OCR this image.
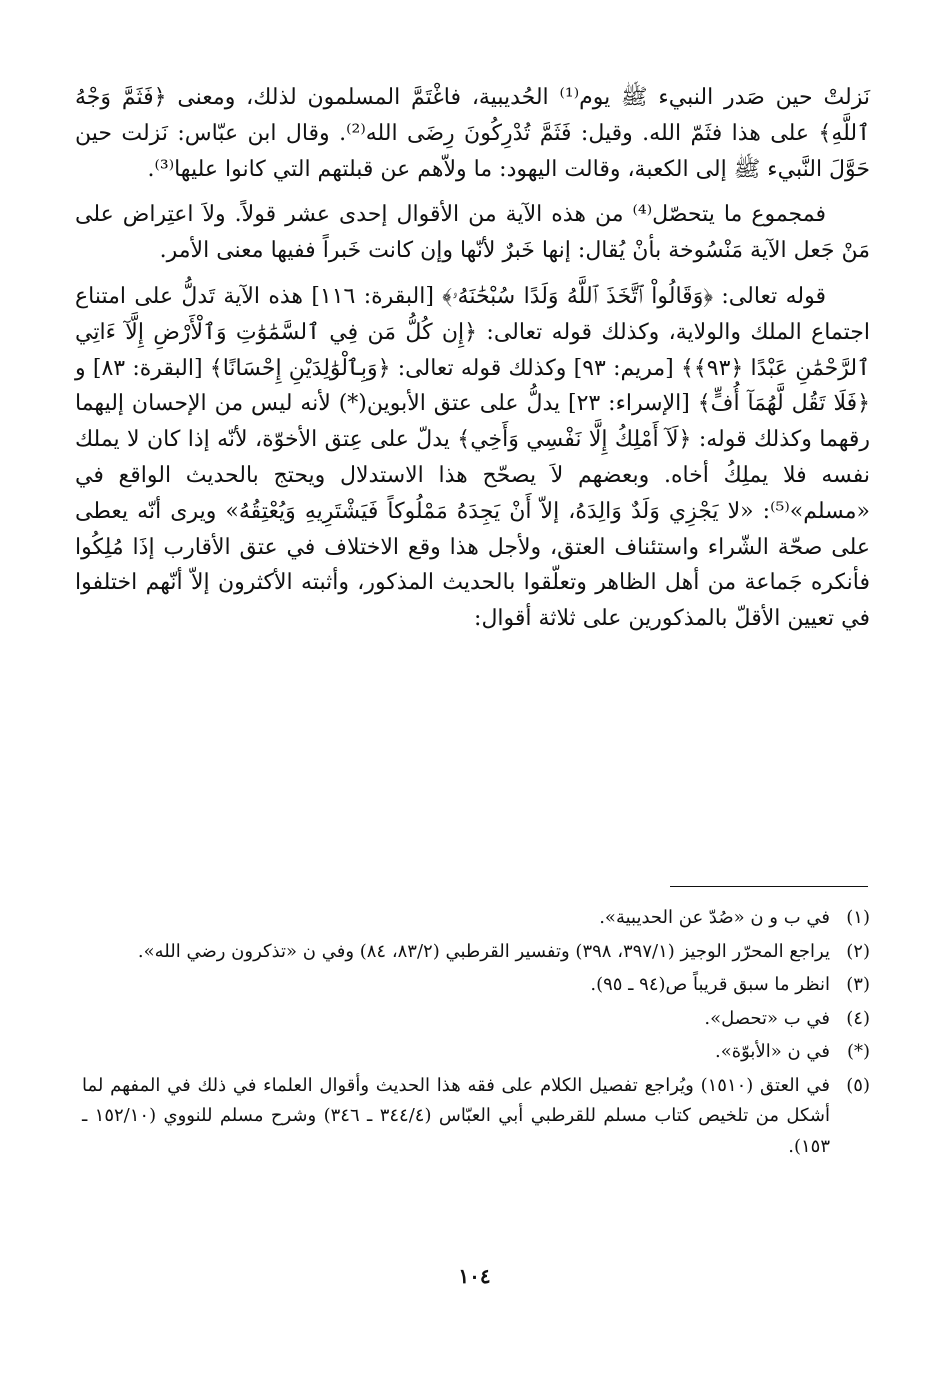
نَزلتْ حين صَدر النبيء ﷺ يوم⁽¹⁾ الحُديبية، فاغْتَمَّ المسلمون لذلك، ومعنى ﴿فَثَمَّ وَجْهُ ٱللَّهِ﴾ على هذا فثَمّ الله. وقيل: فَثَمَّ تُدْرِكُونَ رِضَى الله⁽²⁾. وقال ابن عبّاس: نَزلت حين حَوَّلَ النَّبيء ﷺ إلى الكعبة، وقالت اليهود: ما ولاّهم عن قبلتهم التي كانوا عليها⁽³⁾.

فمجموع ما يتحصّل⁽⁴⁾ من هذه الآية من الأقوال إحدى عشر قولاً. ولاَ اعتِراض على مَنْ جَعل الآية مَنْسُوخة بأنْ يُقال: إنها خَبرٌ لأنّها وإن كانت خَبراً ففيها معنى الأمر.

قوله تعالى: ﴿وَقَالُواْ ٱتَّخَذَ ٱللَّهُ وَلَدًا سُبْحَٰنَهُۥ﴾ [البقرة: ١١٦] هذه الآية تَدلُّ على امتناع اجتماع الملك والولاية، وكذلك قوله تعالى: ﴿إِن كُلُّ مَن فِي ٱلسَّمَٰوَٰتِ وَٱلْأَرْضِ إِلَّآ ءَاتِي ٱلرَّحْمَٰنِ عَبْدًا ﴿٩٣﴾﴾ [مريم: ٩٣] وكذلك قوله تعالى: ﴿وَبِٱلْوَٰلِدَيْنِ إِحْسَانًا﴾ [البقرة: ٨٣] و ﴿فَلَا تَقُل لَّهُمَآ أُفٍّ﴾ [الإسراء: ٢٣] يدلُّ على عتق الأبوين(*) لأنه ليس من الإحسان إليهما رقهما وكذلك قوله: ﴿لَآ أَمْلِكُ إِلَّا نَفْسِي وَأَخِي﴾ يدلّ على عِتق الأخوّة، لأنّه إذا كان لا يملك نفسه فلا يملِكُ أخاه. وبعضهم لاَ يصحّح هذا الاستدلال ويحتج بالحديث الواقع في «مسلم»⁽⁵⁾: «لا يَجْزِي وَلَدٌ وَالِدَهُ، إلاّ أَنْ يَجِدَهُ مَمْلُوكاً فَيَشْتَرِيهِ وَيُعْتِقُهُ» ويرى أنّه يعطى على صحّة الشّراء واستئناف العتق، ولأجل هذا وقع الاختلاف في عتق الأقارب إذَا مُلِكُوا فأنكره جَماعة من أهل الظاهر وتعلّقوا بالحديث المذكور، وأثبته الأكثرون إلاّ أنّهم اختلفوا في تعيين الأقلّ بالمذكورين على ثلاثة أقوال:

(١)
في ب و ن «صُدّ عن الحديبية».
(٢)
يراجع المحرّر الوجيز (٣٩٧/١، ٣٩٨) وتفسير القرطبي (٨٣/٢، ٨٤) وفي ن «تذكرون رضي الله».
(٣)
انظر ما سبق قريباً ص(٩٤ ـ ٩٥).
(٤)
في ب «تحصل».
(*)
في ن «الأبوّة».
(٥)
في العتق (١٥١٠) ويُراجع تفصيل الكلام على فقه هذا الحديث وأقوال العلماء في ذلك في المفهم لما أشكل من تلخيص كتاب مسلم للقرطبي أبي العبّاس (٣٤٤/٤ ـ ٣٤٦) وشرح مسلم للنووي (١٥٢/١٠ ـ ١٥٣).
١٠٤
